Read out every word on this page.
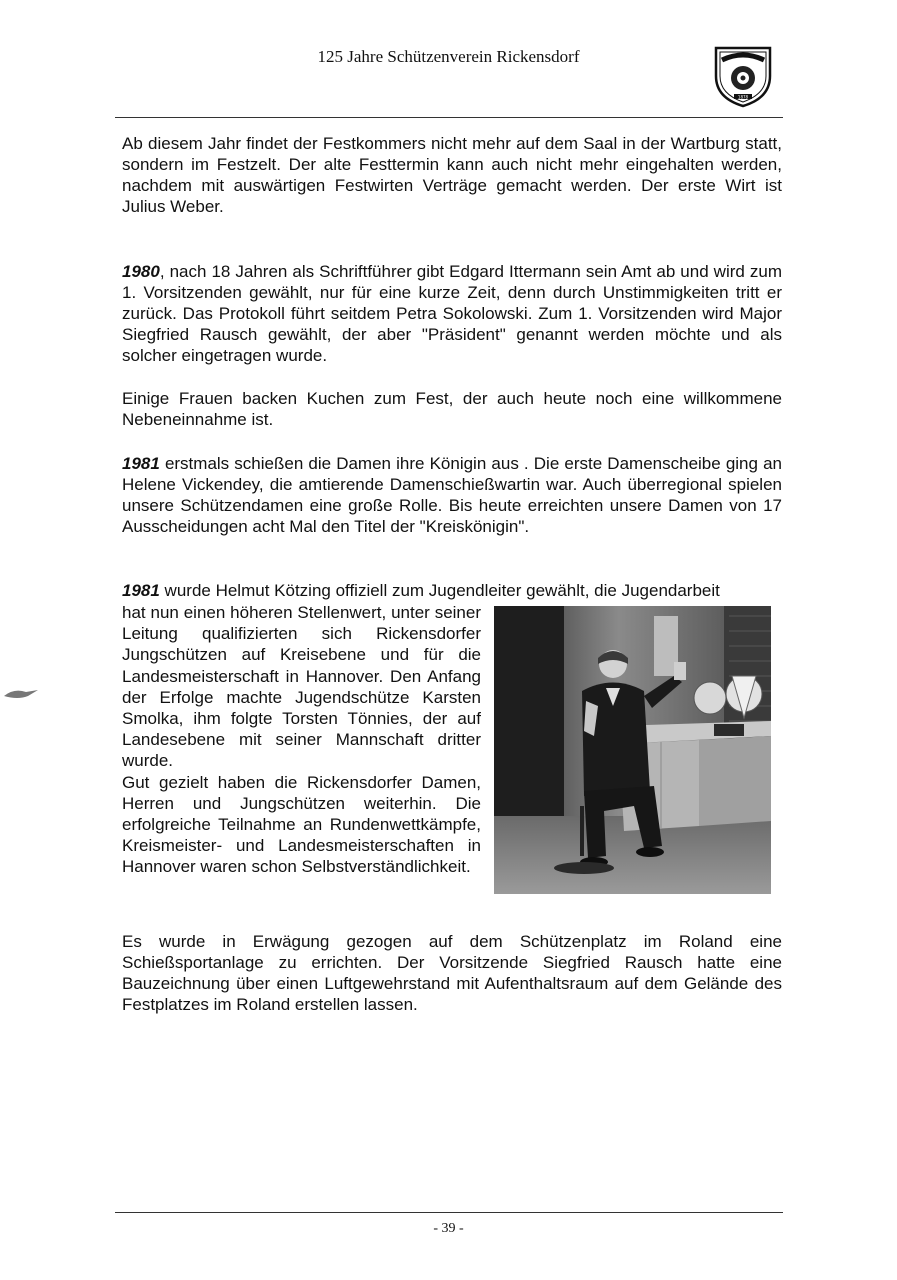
125 Jahre Schützenverein Rickensdorf
1878

Ab diesem Jahr findet der Festkommers nicht mehr auf dem Saal in der Wartburg statt, sondern im Festzelt. Der alte Festtermin kann auch nicht mehr eingehalten werden, nachdem mit auswärtigen Festwirten Verträge gemacht werden. Der erste Wirt ist Julius Weber.

1980, nach 18 Jahren als Schriftführer gibt Edgard Ittermann sein Amt ab und wird zum 1. Vorsitzenden gewählt, nur für eine kurze Zeit, denn durch Unstimmigkeiten tritt er zurück. Das Protokoll führt seitdem Petra Sokolowski. Zum 1. Vorsitzenden wird Major Siegfried Rausch gewählt, der aber "Präsident" genannt werden möchte und als solcher eingetragen wurde.

Einige Frauen backen Kuchen zum Fest, der auch heute noch eine willkommene Nebeneinnahme ist.

1981 erstmals schießen die Damen ihre Königin aus . Die erste Damenscheibe ging an Helene Vickendey, die amtierende Damenschießwartin war. Auch überregional spielen unsere Schützendamen eine große Rolle. Bis heute erreichten unsere Damen von 17 Ausscheidungen acht Mal den Titel der "Kreiskönigin".

1981 wurde Helmut Kötzing offiziell zum Jugendleiter gewählt, die Jugendarbeit

hat nun einen höheren Stellenwert, unter seiner Leitung qualifizierten sich Rickensdorfer Jungschützen auf Kreisebene und für die Landesmeisterschaft in Hannover. Den Anfang der Erfolge machte Jugendschütze Karsten Smolka, ihm folgte Torsten Tönnies, der auf Landesebene mit seiner Mannschaft dritter wurde.

Gut gezielt haben die Rickensdorfer Damen, Herren und Jungschützen weiterhin. Die erfolgreiche Teilnahme an Rundenwettkämpfe, Kreismeister- und Landesmeisterschaften in Hannover waren schon Selbstverständlichkeit.

Es wurde in Erwägung gezogen auf dem Schützenplatz im Roland eine Schießsportanlage zu errichten. Der Vorsitzende Siegfried Rausch hatte eine Bauzeichnung über einen Luftgewehrstand mit Aufenthaltsraum auf dem Gelände des Festplatzes im Roland erstellen lassen.

- 39 -
